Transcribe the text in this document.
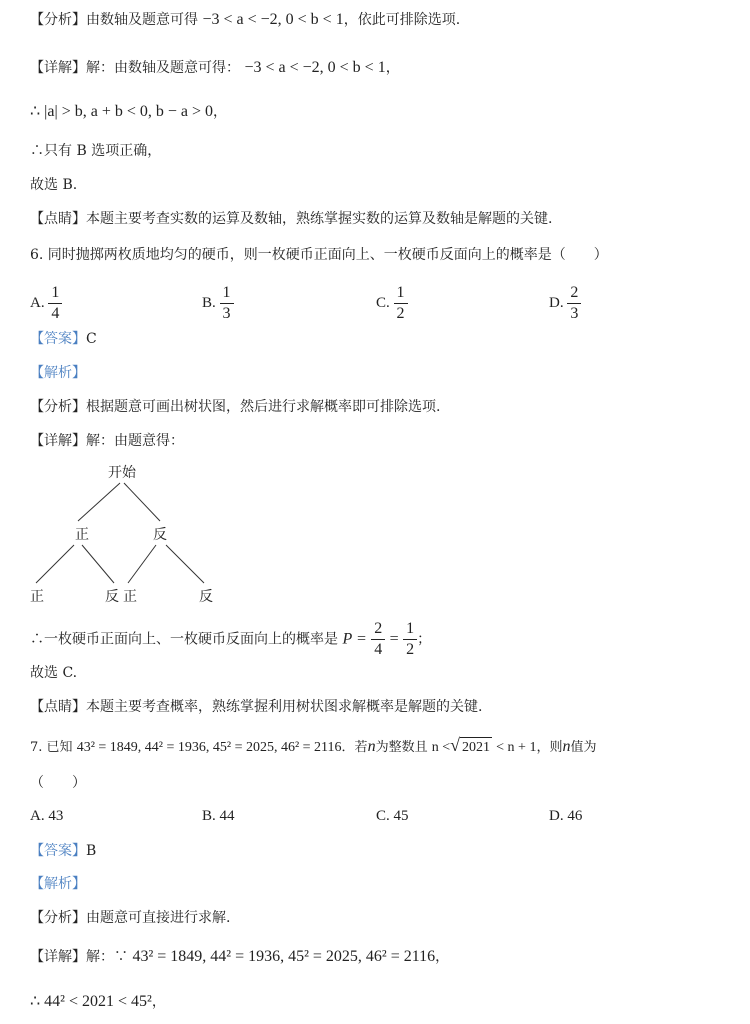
【分析】由数轴及题意可得 −3 < a < −2, 0 < b < 1，依此可排除选项.
【详解】解：由数轴及题意可得： −3 < a < −2, 0 < b < 1，
∴ |a| > b, a + b < 0, b − a > 0，
∴只有 B 选项正确，
故选 B.
【点睛】本题主要考查实数的运算及数轴，熟练掌握实数的运算及数轴是解题的关键.
6. 同时抛掷两枚质地均匀的硬币，则一枚硬币正面向上、一枚硬币反面向上的概率是（　　）
A. $\frac{1}{4}$	B. $\frac{1}{3}$	C. $\frac{1}{2}$	D. $\frac{2}{3}$
【答案】C
【解析】
【分析】根据题意可画出树状图，然后进行求解概率即可排除选项.
【详解】解：由题意得：
开始
正	反
正	反 正	反
∴一枚硬币正面向上、一枚硬币反面向上的概率是 $P = \frac{2}{4} = \frac{1}{2}$ ；
故选 C.
【点睛】本题主要考查概率，熟练掌握利用树状图求解概率是解题的关键.
7. 已知 43² = 1849, 44² = 1936, 45² = 2025, 46² = 2116．若n为整数且 n <√ 2021 < n + 1，则n值为
（　　）
A. 43	B. 44	C. 45	D. 46
【答案】B
【解析】
【分析】由题意可直接进行求解.
【详解】解：∵ 43² = 1849, 44² = 1936, 45² = 2025, 46² = 2116，
∴ 44² < 2021 < 45²，
